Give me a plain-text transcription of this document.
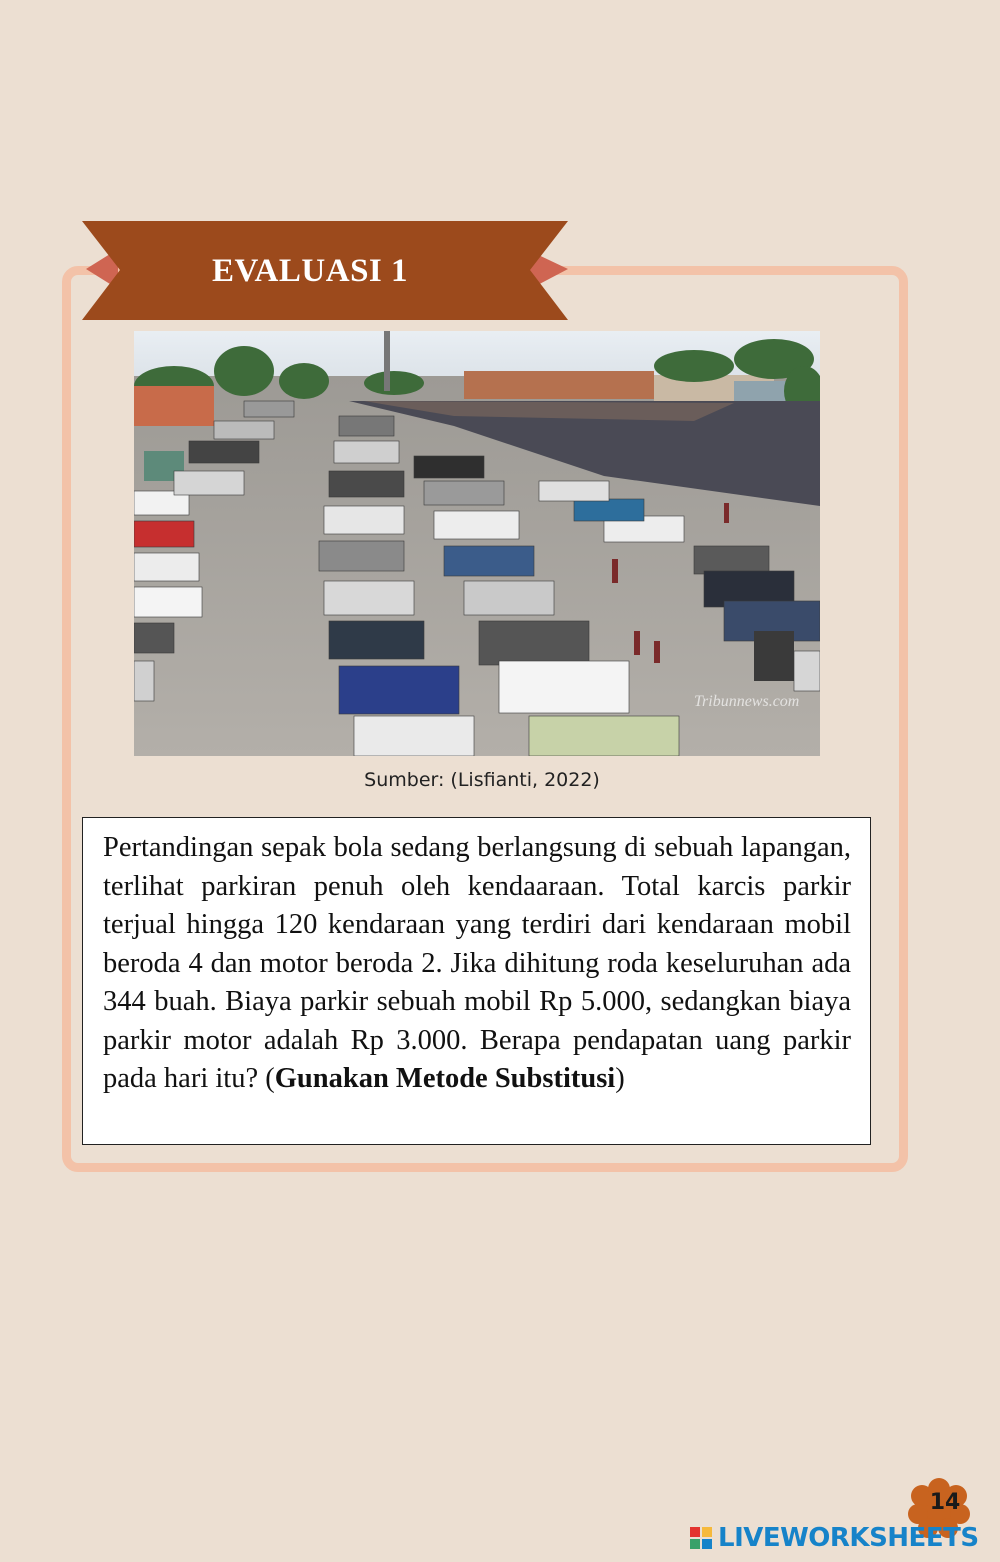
EVALUASI 1
Tribunnews.com
Sumber: (Lisfianti, 2022)

Pertandingan sepak bola sedang berlangsung di sebuah lapangan, terlihat parkiran penuh oleh kendaaraan. Total karcis parkir terjual hingga 120 kendaraan yang terdiri dari kendaraan mobil beroda 4 dan motor beroda 2. Jika dihitung roda keseluruhan ada 344 buah. Biaya parkir sebuah mobil Rp 5.000, sedangkan biaya parkir motor adalah Rp 3.000. Berapa pendapatan uang parkir pada hari itu? (Gunakan Metode Substitusi)

14
LIVEWORKSHEETS
